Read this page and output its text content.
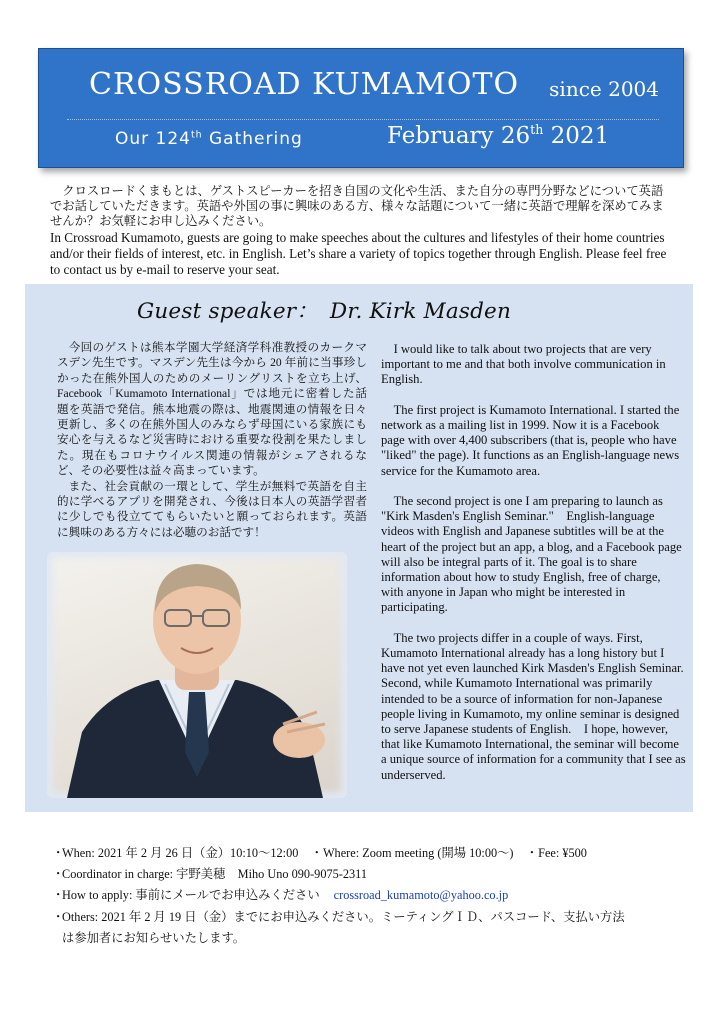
CROSSROAD KUMAMOTO since 2004
Our 124th Gathering	February 26th 2021

クロスロードくまもとは、ゲストスピーカーを招き自国の文化や生活、また自分の専門分野などについて英語でお話していただきます。英語や外国の事に興味のある方、様々な話題について一緒に英語で理解を深めてみませんか？お気軽にお申し込みください。

In Crossroad Kumamoto, guests are going to make speeches about the cultures and lifestyles of their home countries and/or their fields of interest, etc. in English. Let’s share a variety of topics together through English. Please feel free to contact us by e-mail to reserve your seat.

Guest speaker： Dr. Kirk Masden

今回のゲストは熊本学園大学経済学科准教授のカークマスデン先生です。マスデン先生は今から 20 年前に当事珍しかった在熊外国人のためのメーリングリストを立ち上げ、Facebook「Kumamoto International」では地元に密着した話題を英語で発信。熊本地震の際は、地震関連の情報を日々更新し、多くの在熊外国人のみならず母国にいる家族にも安心を与えるなど災害時における重要な役割を果たしました。現在もコロナウイルス関連の情報がシェアされるなど、その必要性は益々高まっています。

また、社会貢献の一環として、学生が無料で英語を自主的に学べるアプリを開発され、今後は日本人の英語学習者に少しでも役立ててもらいたいと願っておられます。英語に興味のある方々には必聴のお話です！

I would like to talk about two projects that are very important to me and that both involve communication in English.

The first project is Kumamoto International. I started the network as a mailing list in 1999. Now it is a Facebook page with over 4,400 subscribers (that is, people who have "liked" the page). It functions as an English-language news service for the Kumamoto area.

The second project is one I am preparing to launch as "Kirk Masden's English Seminar."　English-language videos with English and Japanese subtitles will be at the heart of the project but an app, a blog, and a Facebook page will also be integral parts of it. The goal is to share information about how to study English, free of charge, with anyone in Japan who might be interested in participating.

The two projects differ in a couple of ways. First, Kumamoto International already has a long history but I have not yet even launched Kirk Masden's English Seminar.　Second, while Kumamoto International was primarily intended to be a source of information for non-Japanese people living in Kumamoto, my online seminar is designed to serve Japanese students of English.　I hope, however, that like Kumamoto International, the seminar will become a unique source of information for a community that I see as underserved.

・When: 2021 年 2 月 26 日（金）10:10～12:00　・Where: Zoom meeting (開場 10:00～)　・Fee: ¥500
・Coordinator in charge: 宇野美穂　Miho Uno 090-9075-2311
・How to apply: 事前にメールでお申込みください crossroad_kumamoto@yahoo.co.jp
・Others: 2021 年 2 月 19 日（金）までにお申込みください。ミーティングＩＤ、パスコード、支払い方法
は参加者にお知らせいたします。
